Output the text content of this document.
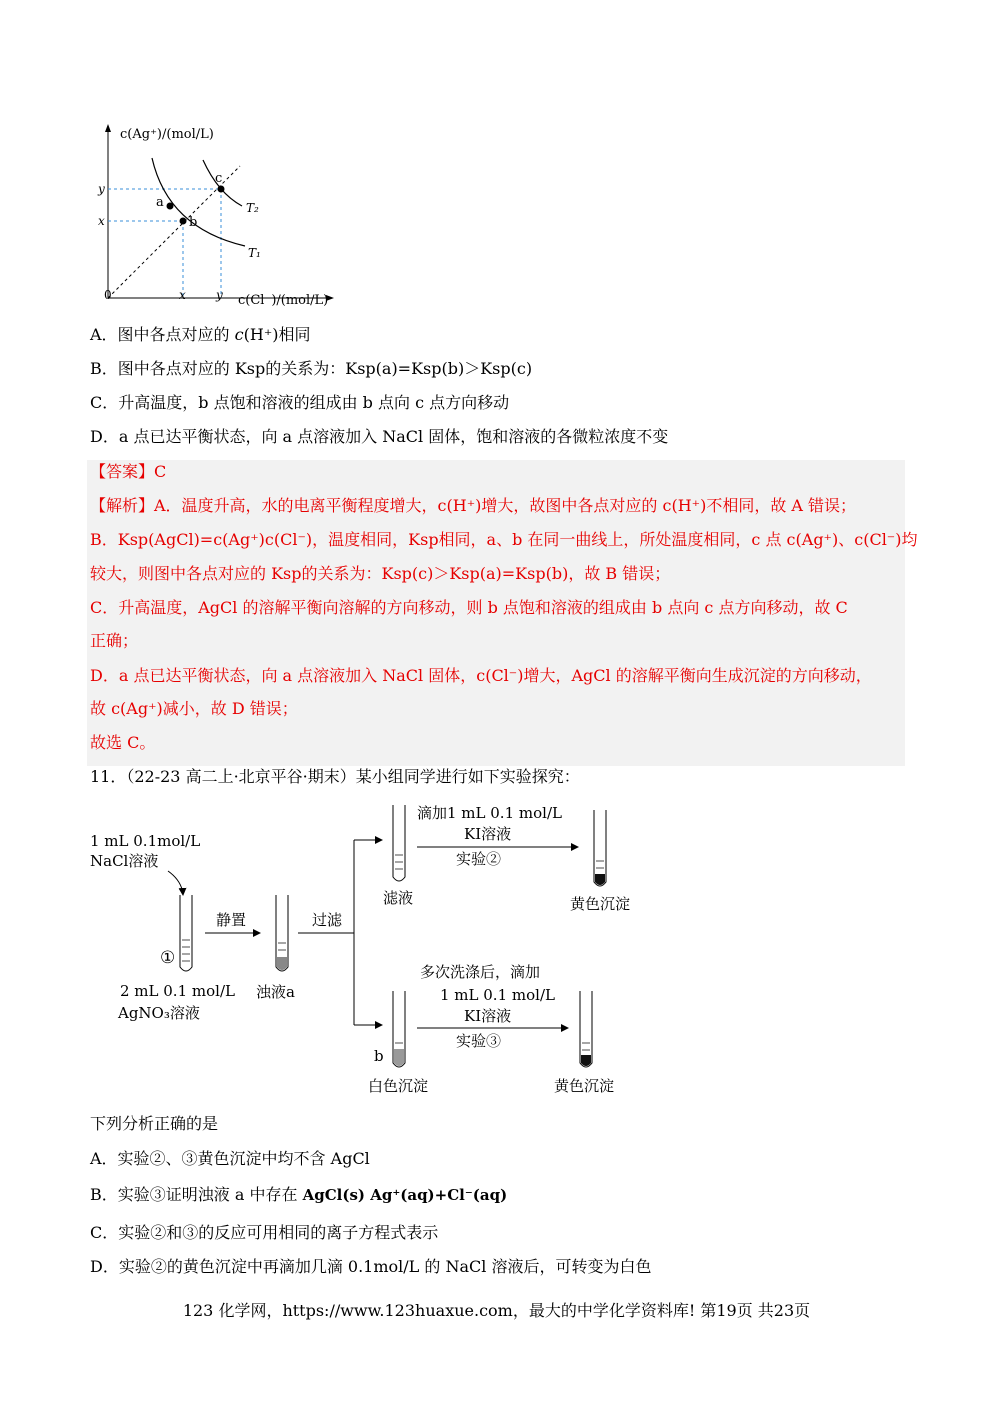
c(Ag⁺)/(mol/L)
c(Cl⁻)/(mol/L)
0
a
b
c
y
x
x	y
T₂
T₁
A．图中各点对应的 c(H⁺)相同
B．图中各点对应的 Ksp的关系为：Ksp(a)=Ksp(b)＞Ksp(c)
C．升高温度，b 点饱和溶液的组成由 b 点向 c 点方向移动
D．a 点已达平衡状态，向 a 点溶液加入 NaCl 固体，饱和溶液的各微粒浓度不变
【答案】C
【解析】A．温度升高，水的电离平衡程度增大，c(H⁺)增大，故图中各点对应的 c(H⁺)不相同，故 A 错误；
B．Ksp(AgCl)=c(Ag⁺)c(Cl⁻)，温度相同，Ksp相同，a、b 在同一曲线上，所处温度相同，c 点 c(Ag⁺)、c(Cl⁻)均
较大，则图中各点对应的 Ksp的关系为：Ksp(c)＞Ksp(a)=Ksp(b)，故 B 错误；
C．升高温度，AgCl 的溶解平衡向溶解的方向移动，则 b 点饱和溶液的组成由 b 点向 c 点方向移动，故 C
正确；
D．a 点已达平衡状态，向 a 点溶液加入 NaCl 固体，c(Cl⁻)增大，AgCl 的溶解平衡向生成沉淀的方向移动，
故 c(Ag⁺)减小，故 D 错误；
故选 C。
11．（22-23 高二上·北京平谷·期末）某小组同学进行如下实验探究：
1 mL 0.1mol/L
NaCl溶液
①
2 mL 0.1 mol/L
AgNO₃溶液
静置
浊液a
过滤
滤液
滴加1 mL 0.1 mol/L
KI溶液
实验②
黄色沉淀
多次洗涤后，滴加
1 mL 0.1 mol/L
KI溶液
实验③
b
白色沉淀	黄色沉淀
下列分析正确的是
A．实验②、③黄色沉淀中均不含 AgCl
B．实验③证明浊液 a 中存在 AgCl(s) Ag⁺(aq)+Cl⁻(aq)
C．实验②和③的反应可用相同的离子方程式表示
D．实验②的黄色沉淀中再滴加几滴 0.1mol/L 的 NaCl 溶液后，可转变为白色
123 化学网，https://www.123huaxue.com，最大的中学化学资料库! 第19页 共23页
